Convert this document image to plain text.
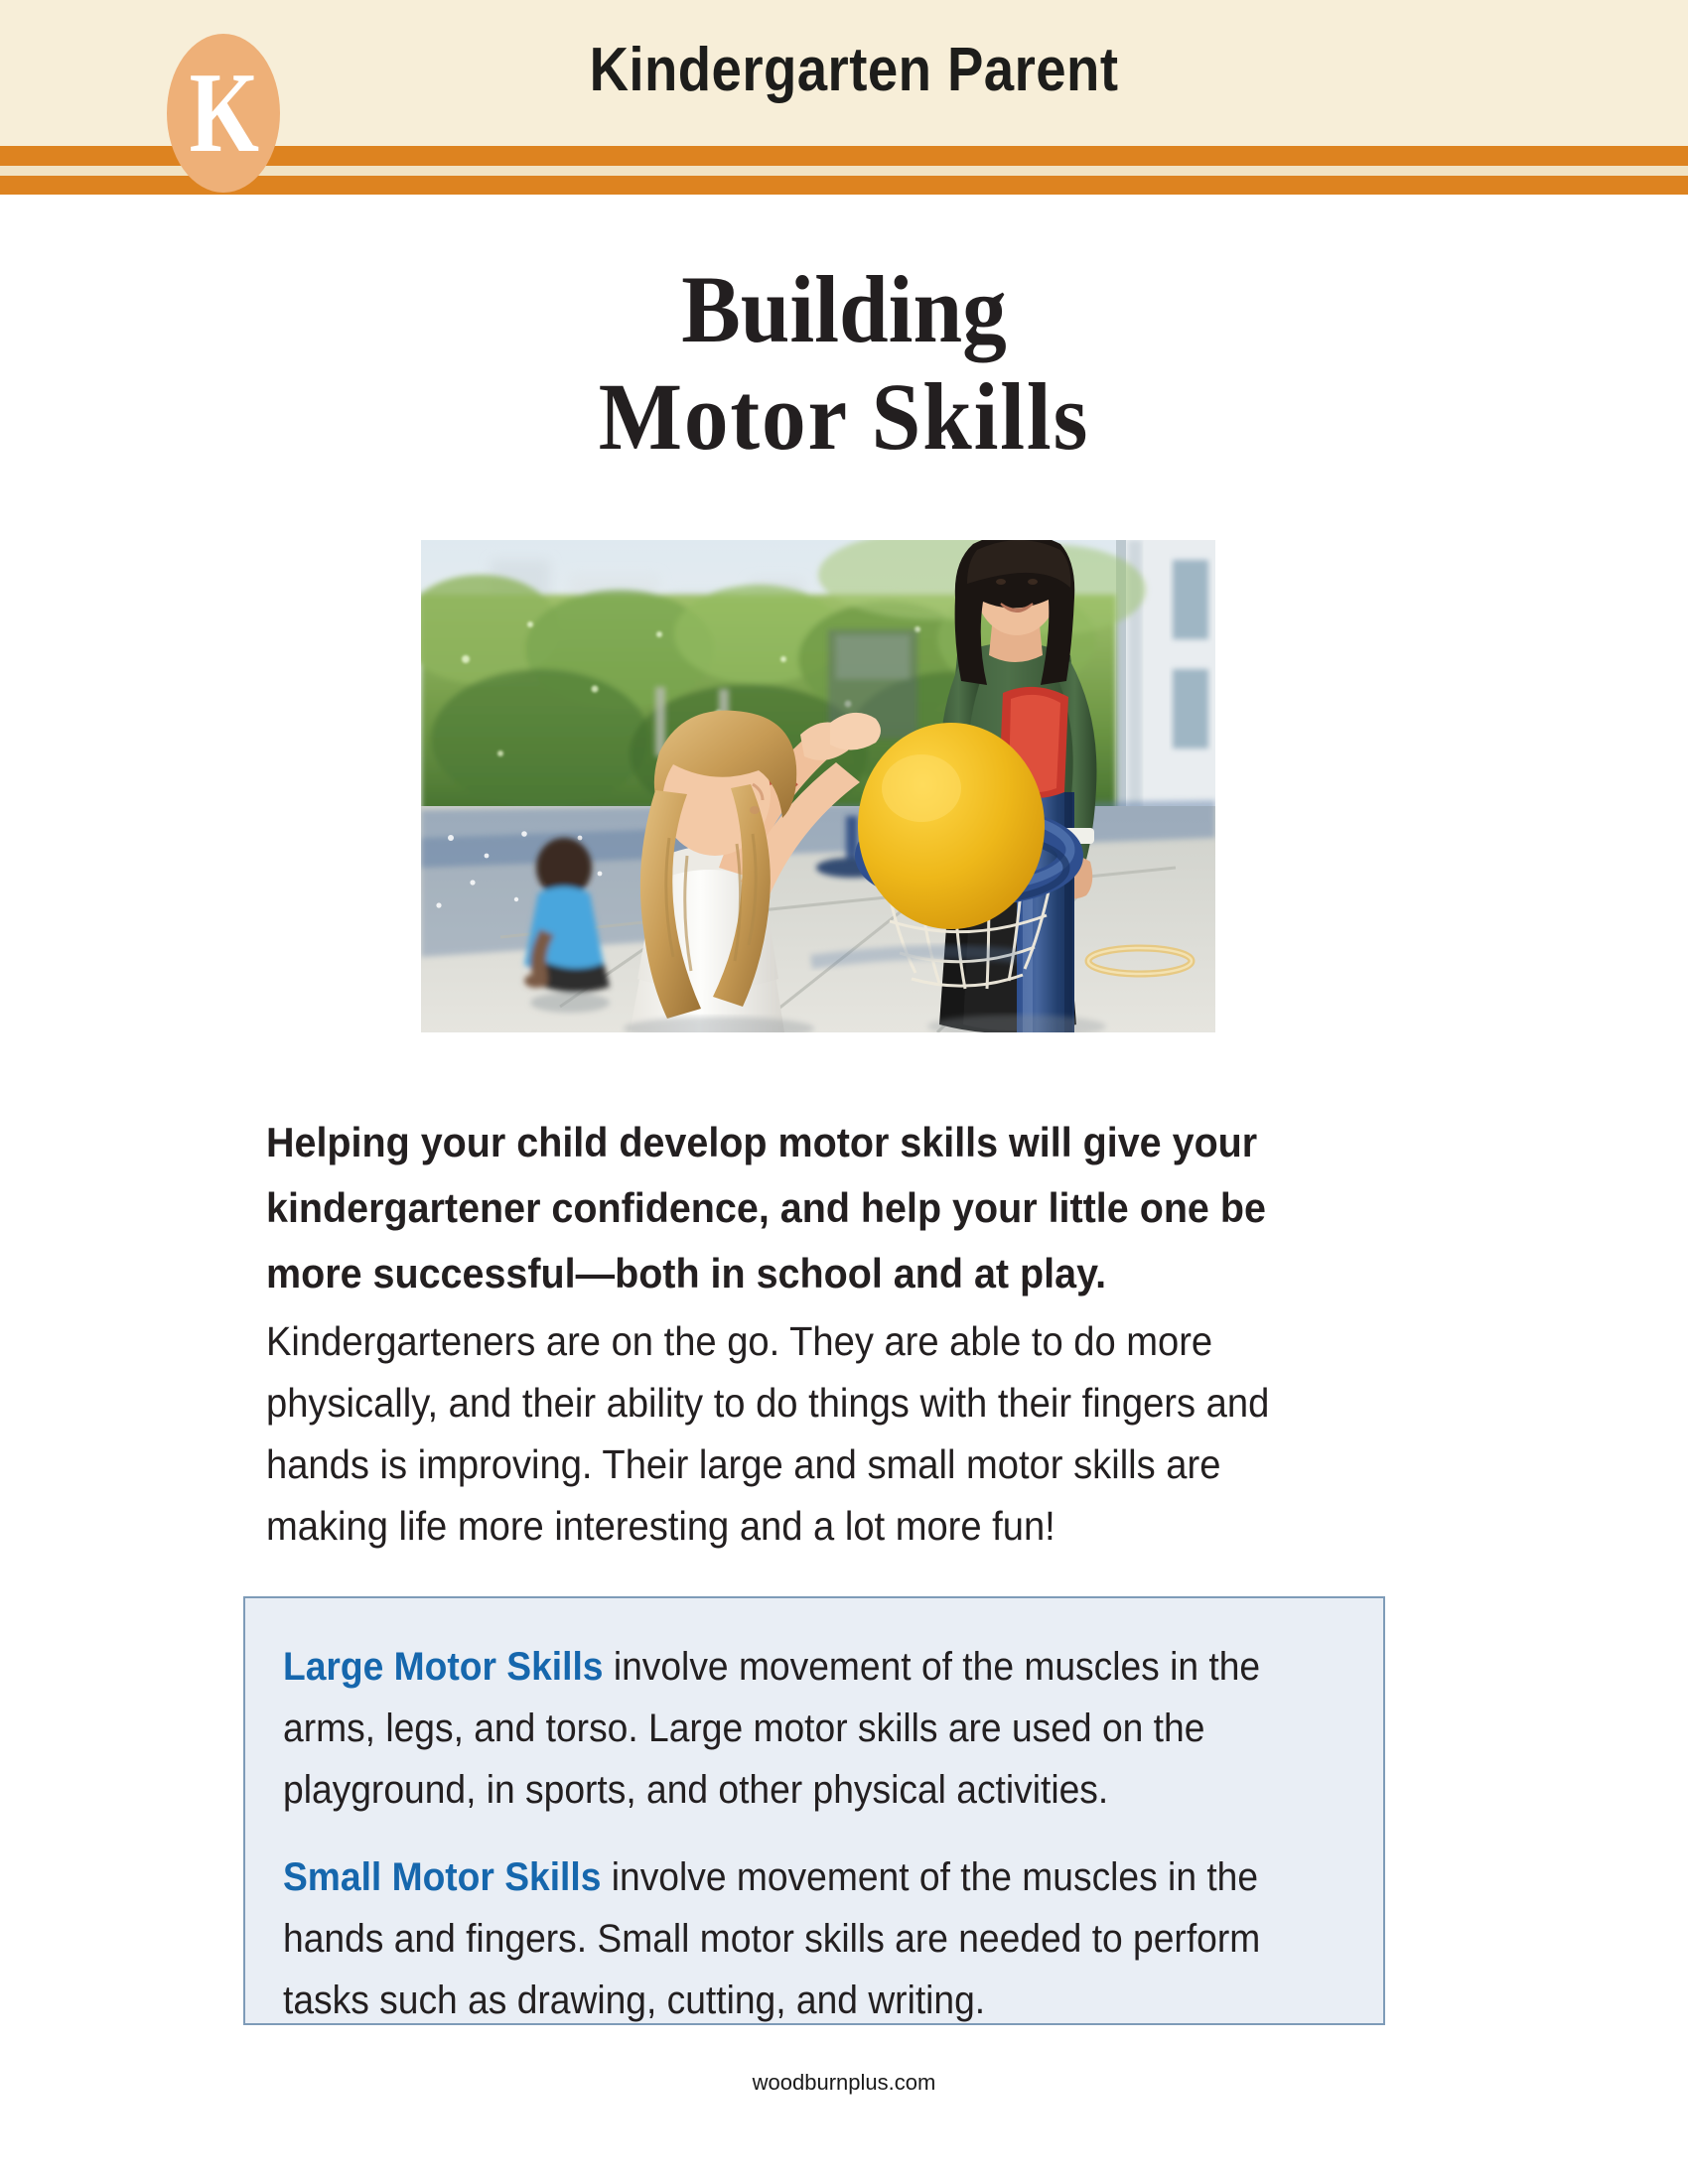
K	Kindergarten Parent
Building
Motor Skills
Helping your child develop motor skills will give your kindergartener confidence, and help your little one be more successful—both in school and at play.
Kindergarteners are on the go. They are able to do more physically, and their ability to do things with their fingers and hands is improving. Their large and small motor skills are making life more interesting and a lot more fun!

Large Motor Skills involve movement of the muscles in the arms, legs, and torso. Large motor skills are used on the playground, in sports, and other physical activities.

Small Motor Skills involve movement of the muscles in the hands and fingers. Small motor skills are needed to perform tasks such as drawing, cutting, and writing.

woodburnplus.com
